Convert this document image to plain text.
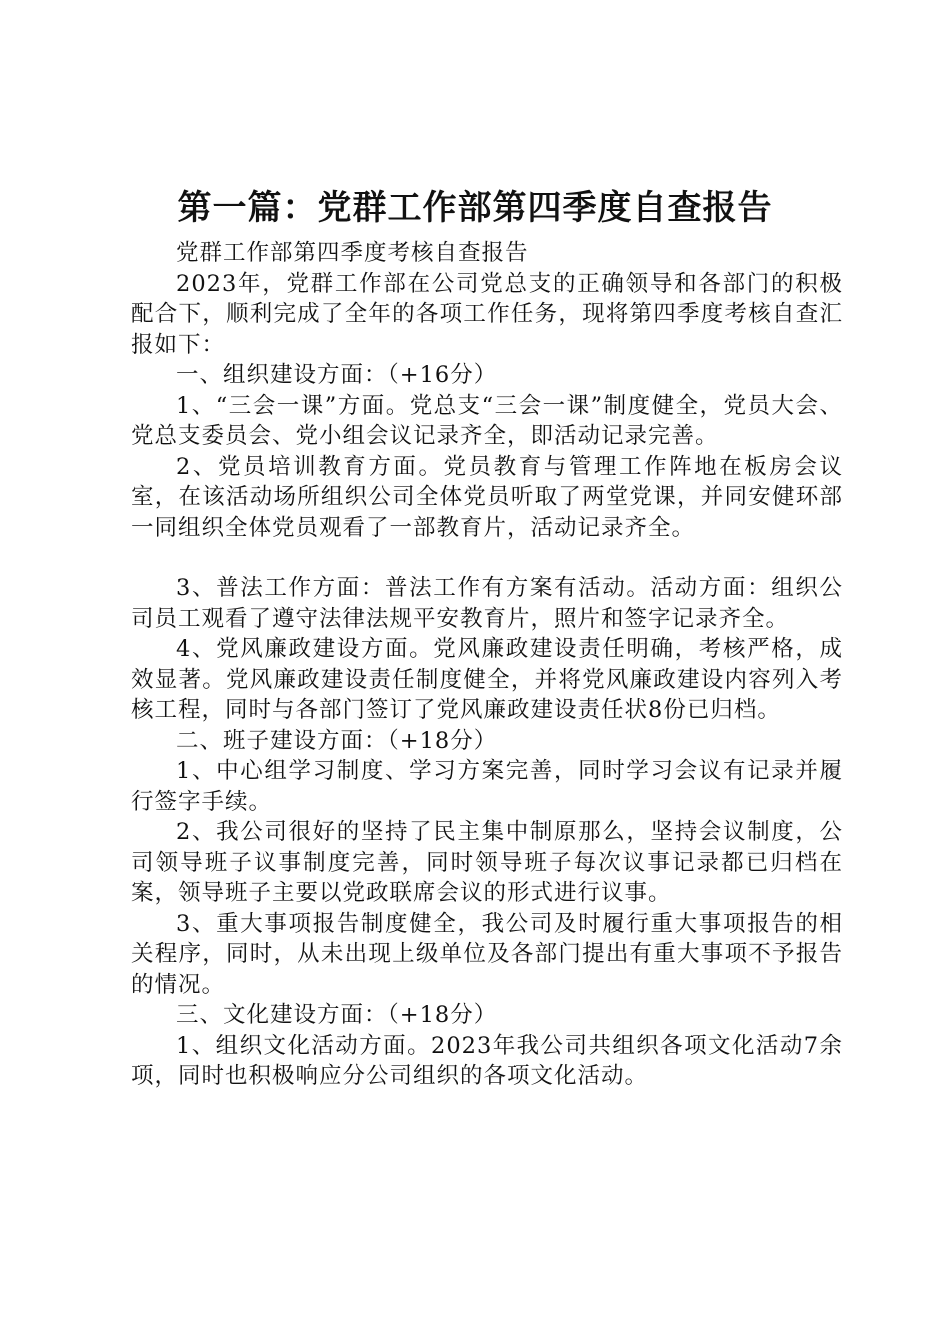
第一篇：党群工作部第四季度自查报告

党群工作部第四季度考核自查报告

2023年，党群工作部在公司党总支的正确领导和各部门的积极配合下，顺利完成了全年的各项工作任务，现将第四季度考核自查汇报如下：

一、组织建设方面：（+16分）

1、“三会一课”方面。党总支“三会一课”制度健全，党员大会、党总支委员会、党小组会议记录齐全，即活动记录完善。

2、党员培训教育方面。党员教育与管理工作阵地在板房会议室，在该活动场所组织公司全体党员听取了两堂党课，并同安健环部一同组织全体党员观看了一部教育片，活动记录齐全。

3、普法工作方面：普法工作有方案有活动。活动方面：组织公司员工观看了遵守法律法规平安教育片，照片和签字记录齐全。

4、党风廉政建设方面。党风廉政建设责任明确，考核严格，成效显著。党风廉政建设责任制度健全，并将党风廉政建设内容列入考核工程，同时与各部门签订了党风廉政建设责任状8份已归档。

二、班子建设方面：（+18分）

1、中心组学习制度、学习方案完善，同时学习会议有记录并履行签字手续。

2、我公司很好的坚持了民主集中制原那么，坚持会议制度，公司领导班子议事制度完善，同时领导班子每次议事记录都已归档在案，领导班子主要以党政联席会议的形式进行议事。

3、重大事项报告制度健全，我公司及时履行重大事项报告的相关程序，同时，从未出现上级单位及各部门提出有重大事项不予报告的情况。

三、文化建设方面：（+18分）

1、组织文化活动方面。2023年我公司共组织各项文化活动7余项，同时也积极响应分公司组织的各项文化活动。
